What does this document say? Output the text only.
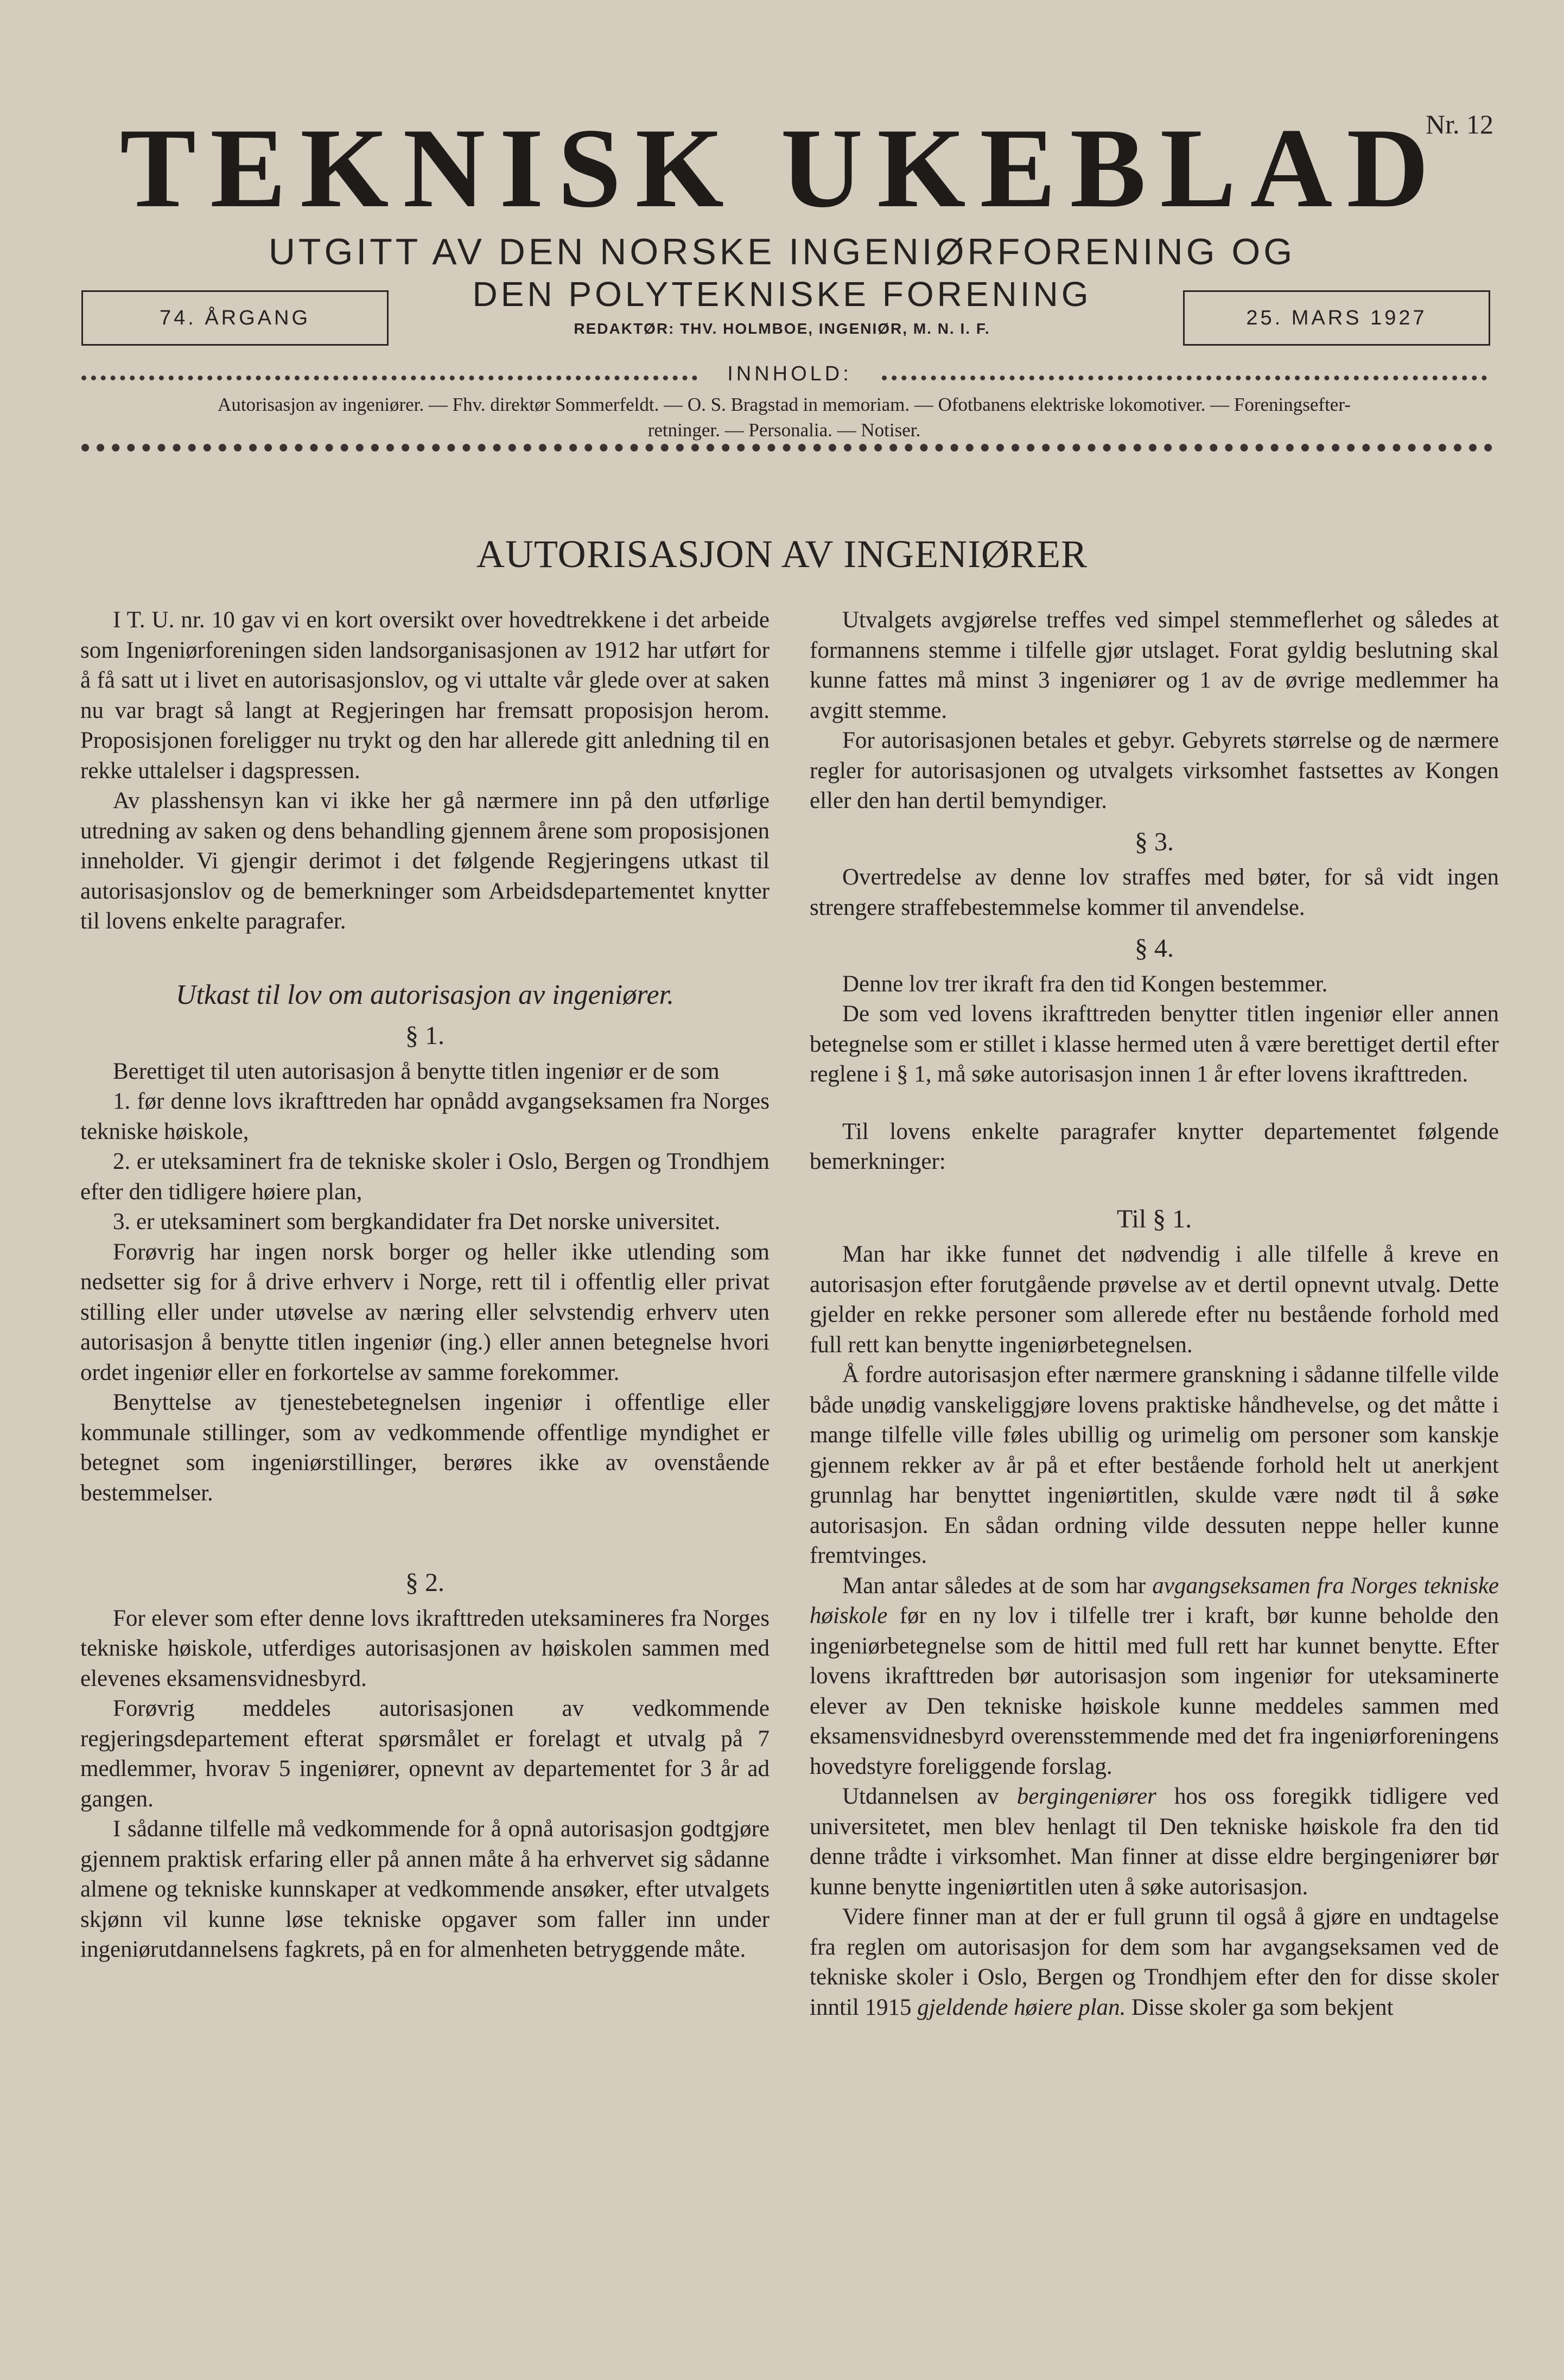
TEKNISK UKEBLAD
Nr. 12
UTGITT AV DEN NORSKE INGENIØRFORENING OG
74. ÅRGANG
DEN POLYTEKNISKE FORENING
25. MARS 1927
REDAKTØR: THV. HOLMBOE, INGENIØR, M. N. I. F.
INNHOLD:
Autorisasjon av ingeniører. — Fhv. direktør Sommerfeldt. — O. S. Bragstad in memoriam. — Ofotbanens elektriske lokomotiver. — Foreningsefter-
retninger. — Personalia. — Notiser.
AUTORISASJON AV INGENIØRER

I T. U. nr. 10 gav vi en kort oversikt over hovedtrekkene i det arbeide som Ingeniørforeningen siden landsorganisasjonen av 1912 har utført for å få satt ut i livet en autorisasjonslov, og vi uttalte vår glede over at saken nu var bragt så langt at Regjeringen har fremsatt proposisjon herom. Proposisjonen foreligger nu trykt og den har allerede gitt anledning til en rekke uttalelser i dagspressen.

Av plasshensyn kan vi ikke her gå nærmere inn på den utførlige utredning av saken og dens behandling gjennem årene som proposisjonen inneholder. Vi gjengir derimot i det følgende Regjeringens utkast til autorisasjonslov og de bemerkninger som Arbeidsdepartementet knytter til lovens enkelte paragrafer.

Utkast til lov om autorisasjon av ingeniører.

§ 1.

Berettiget til uten autorisasjon å benytte titlen ingeniør er de som

1. før denne lovs ikrafttreden har opnådd avgangseksamen fra Norges tekniske høiskole,

2. er uteksaminert fra de tekniske skoler i Oslo, Bergen og Trondhjem efter den tidligere høiere plan,

3. er uteksaminert som bergkandidater fra Det norske universitet.

Forøvrig har ingen norsk borger og heller ikke utlending som nedsetter sig for å drive erhverv i Norge, rett til i offentlig eller privat stilling eller under utøvelse av næring eller selvstendig erhverv uten autorisasjon å benytte titlen ingeniør (ing.) eller annen betegnelse hvori ordet ingeniør eller en forkortelse av samme forekommer.

Benyttelse av tjenestebetegnelsen ingeniør i offentlige eller kommunale stillinger, som av vedkommende offentlige myndighet er betegnet som ingeniørstillinger, berøres ikke av ovenstående bestemmelser.

§ 2.

For elever som efter denne lovs ikrafttreden uteksamineres fra Norges tekniske høiskole, utferdiges autorisasjonen av høiskolen sammen med elevenes eksamensvidnesbyrd.

Forøvrig meddeles autorisasjonen av vedkommende regjeringsdepartement efterat spørsmålet er forelagt et utvalg på 7 medlemmer, hvorav 5 ingeniører, opnevnt av departementet for 3 år ad gangen.

I sådanne tilfelle må vedkommende for å opnå autorisasjon godtgjøre gjennem praktisk erfaring eller på annen måte å ha erhvervet sig sådanne almene og tekniske kunnskaper at vedkommende ansøker, efter utvalgets skjønn vil kunne løse tekniske opgaver som faller inn under ingeniørutdannelsens fagkrets, på en for almenheten betryggende måte.

Utvalgets avgjørelse treffes ved simpel stemmeflerhet og således at formannens stemme i tilfelle gjør utslaget. Forat gyldig beslutning skal kunne fattes må minst 3 ingeniører og 1 av de øvrige medlemmer ha avgitt stemme.

For autorisasjonen betales et gebyr. Gebyrets størrelse og de nærmere regler for autorisasjonen og utvalgets virksomhet fastsettes av Kongen eller den han dertil bemyndiger.

§ 3.

Overtredelse av denne lov straffes med bøter, for så vidt ingen strengere straffebestemmelse kommer til anvendelse.

§ 4.

Denne lov trer ikraft fra den tid Kongen bestemmer.

De som ved lovens ikrafttreden benytter titlen ingeniør eller annen betegnelse som er stillet i klasse hermed uten å være berettiget dertil efter reglene i § 1, må søke autorisasjon innen 1 år efter lovens ikrafttreden.

Til lovens enkelte paragrafer knytter departementet følgende bemerkninger:

Til § 1.

Man har ikke funnet det nødvendig i alle tilfelle å kreve en autorisasjon efter forutgående prøvelse av et dertil opnevnt utvalg. Dette gjelder en rekke personer som allerede efter nu bestående forhold med full rett kan benytte ingeniørbetegnelsen.

Å fordre autorisasjon efter nærmere granskning i sådanne tilfelle vilde både unødig vanskeliggjøre lovens praktiske håndhevelse, og det måtte i mange tilfelle ville føles ubillig og urimelig om personer som kanskje gjennem rekker av år på et efter bestående forhold helt ut anerkjent grunnlag har benyttet ingeniørtitlen, skulde være nødt til å søke autorisasjon. En sådan ordning vilde dessuten neppe heller kunne fremtvinges.

Man antar således at de som har avgangseksamen fra Norges tekniske høiskole før en ny lov i tilfelle trer i kraft, bør kunne beholde den ingeniørbetegnelse som de hittil med full rett har kunnet benytte. Efter lovens ikrafttreden bør autorisasjon som ingeniør for uteksaminerte elever av Den tekniske høiskole kunne meddeles sammen med eksamensvidnesbyrd overensstemmende med det fra ingeniørforeningens hovedstyre foreliggende forslag.

Utdannelsen av bergingeniører hos oss foregikk tidligere ved universitetet, men blev henlagt til Den tekniske høiskole fra den tid denne trådte i virksomhet. Man finner at disse eldre bergingeniører bør kunne benytte ingeniørtitlen uten å søke autorisasjon.

Videre finner man at der er full grunn til også å gjøre en undtagelse fra reglen om autorisasjon for dem som har avgangseksamen ved de tekniske skoler i Oslo, Bergen og Trondhjem efter den for disse skoler inntil 1915 gjeldende høiere plan. Disse skoler ga som bekjent
